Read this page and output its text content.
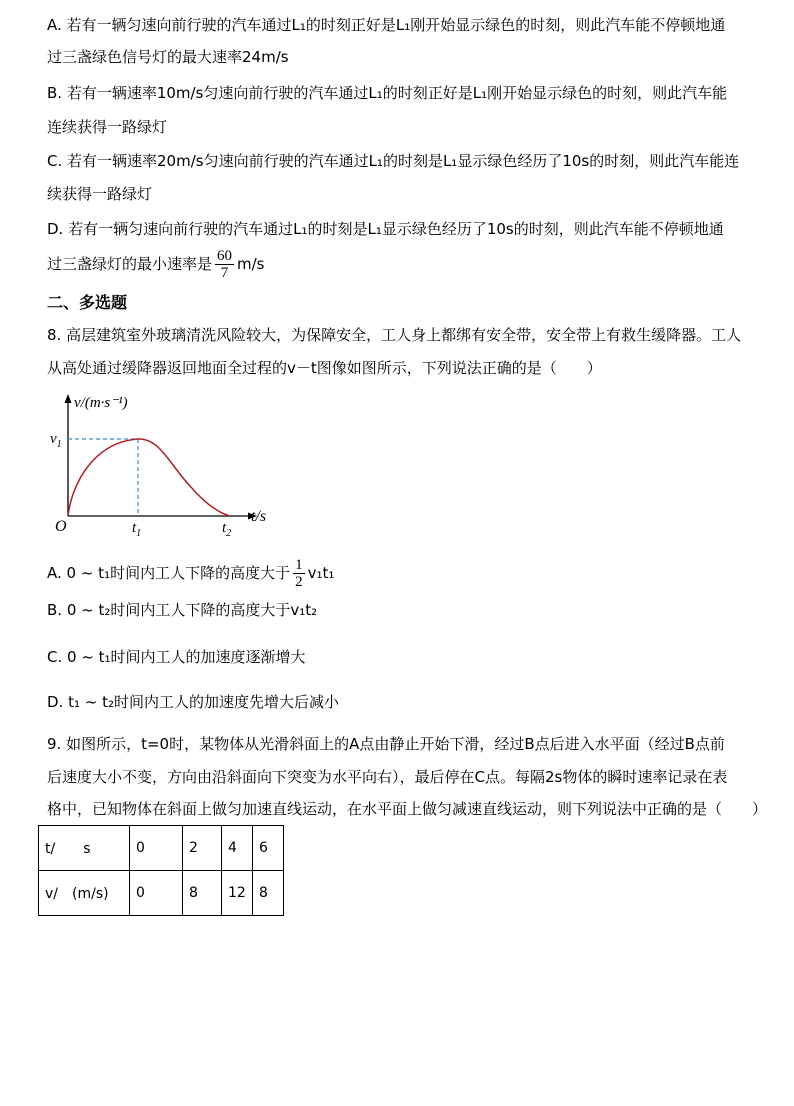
A. 若有一辆匀速向前行驶的汽车通过L₁的时刻正好是L₁刚开始显示绿色的时刻，则此汽车能不停顿地通
过三盏绿色信号灯的最大速率24m/s
B. 若有一辆速率10m/s匀速向前行驶的汽车通过L₁的时刻正好是L₁刚开始显示绿色的时刻，则此汽车能
连续获得一路绿灯
C. 若有一辆速率20m/s匀速向前行驶的汽车通过L₁的时刻是L₁显示绿色经历了10s的时刻，则此汽车能连
续获得一路绿灯
D. 若有一辆匀速向前行驶的汽车通过L₁的时刻是L₁显示绿色经历了10s的时刻，则此汽车能不停顿地通
过三盏绿灯的最小速率是 $\frac{60}{7} m/s$
二、多选题
8. 高层建筑室外玻璃清洗风险较大，为保障安全，工人身上都绑有安全带，安全带上有救生缓降器。工人
从高处通过缓降器返回地面全过程的v－t图像如图所示，下列说法正确的是（　　）
v/(m·s⁻¹)
$v_1$
O	$t_1$	$t_2$
t/s
A. 0 ~ t₁时间内工人下降的高度大于 $\frac{1}{2} v_1t_1$
B. 0 ~ t₂时间内工人下降的高度大于v₁t₂
C. 0 ~ t₁时间内工人的加速度逐渐增大
D. t₁ ~ t₂时间内工人的加速度先增大后减小
9. 如图所示，t=0时，某物体从光滑斜面上的A点由静止开始下滑，经过B点后进入水平面（经过B点前
后速度大小不变，方向由沿斜面向下突变为水平向右），最后停在C点。每隔2s物体的瞬时速率记录在表
格中，已知物体在斜面上做匀加速直线运动，在水平面上做匀减速直线运动，则下列说法中正确的是（　　）
t/　　s	0	2	4	6
v/　(m/s)	0	8	12	8
